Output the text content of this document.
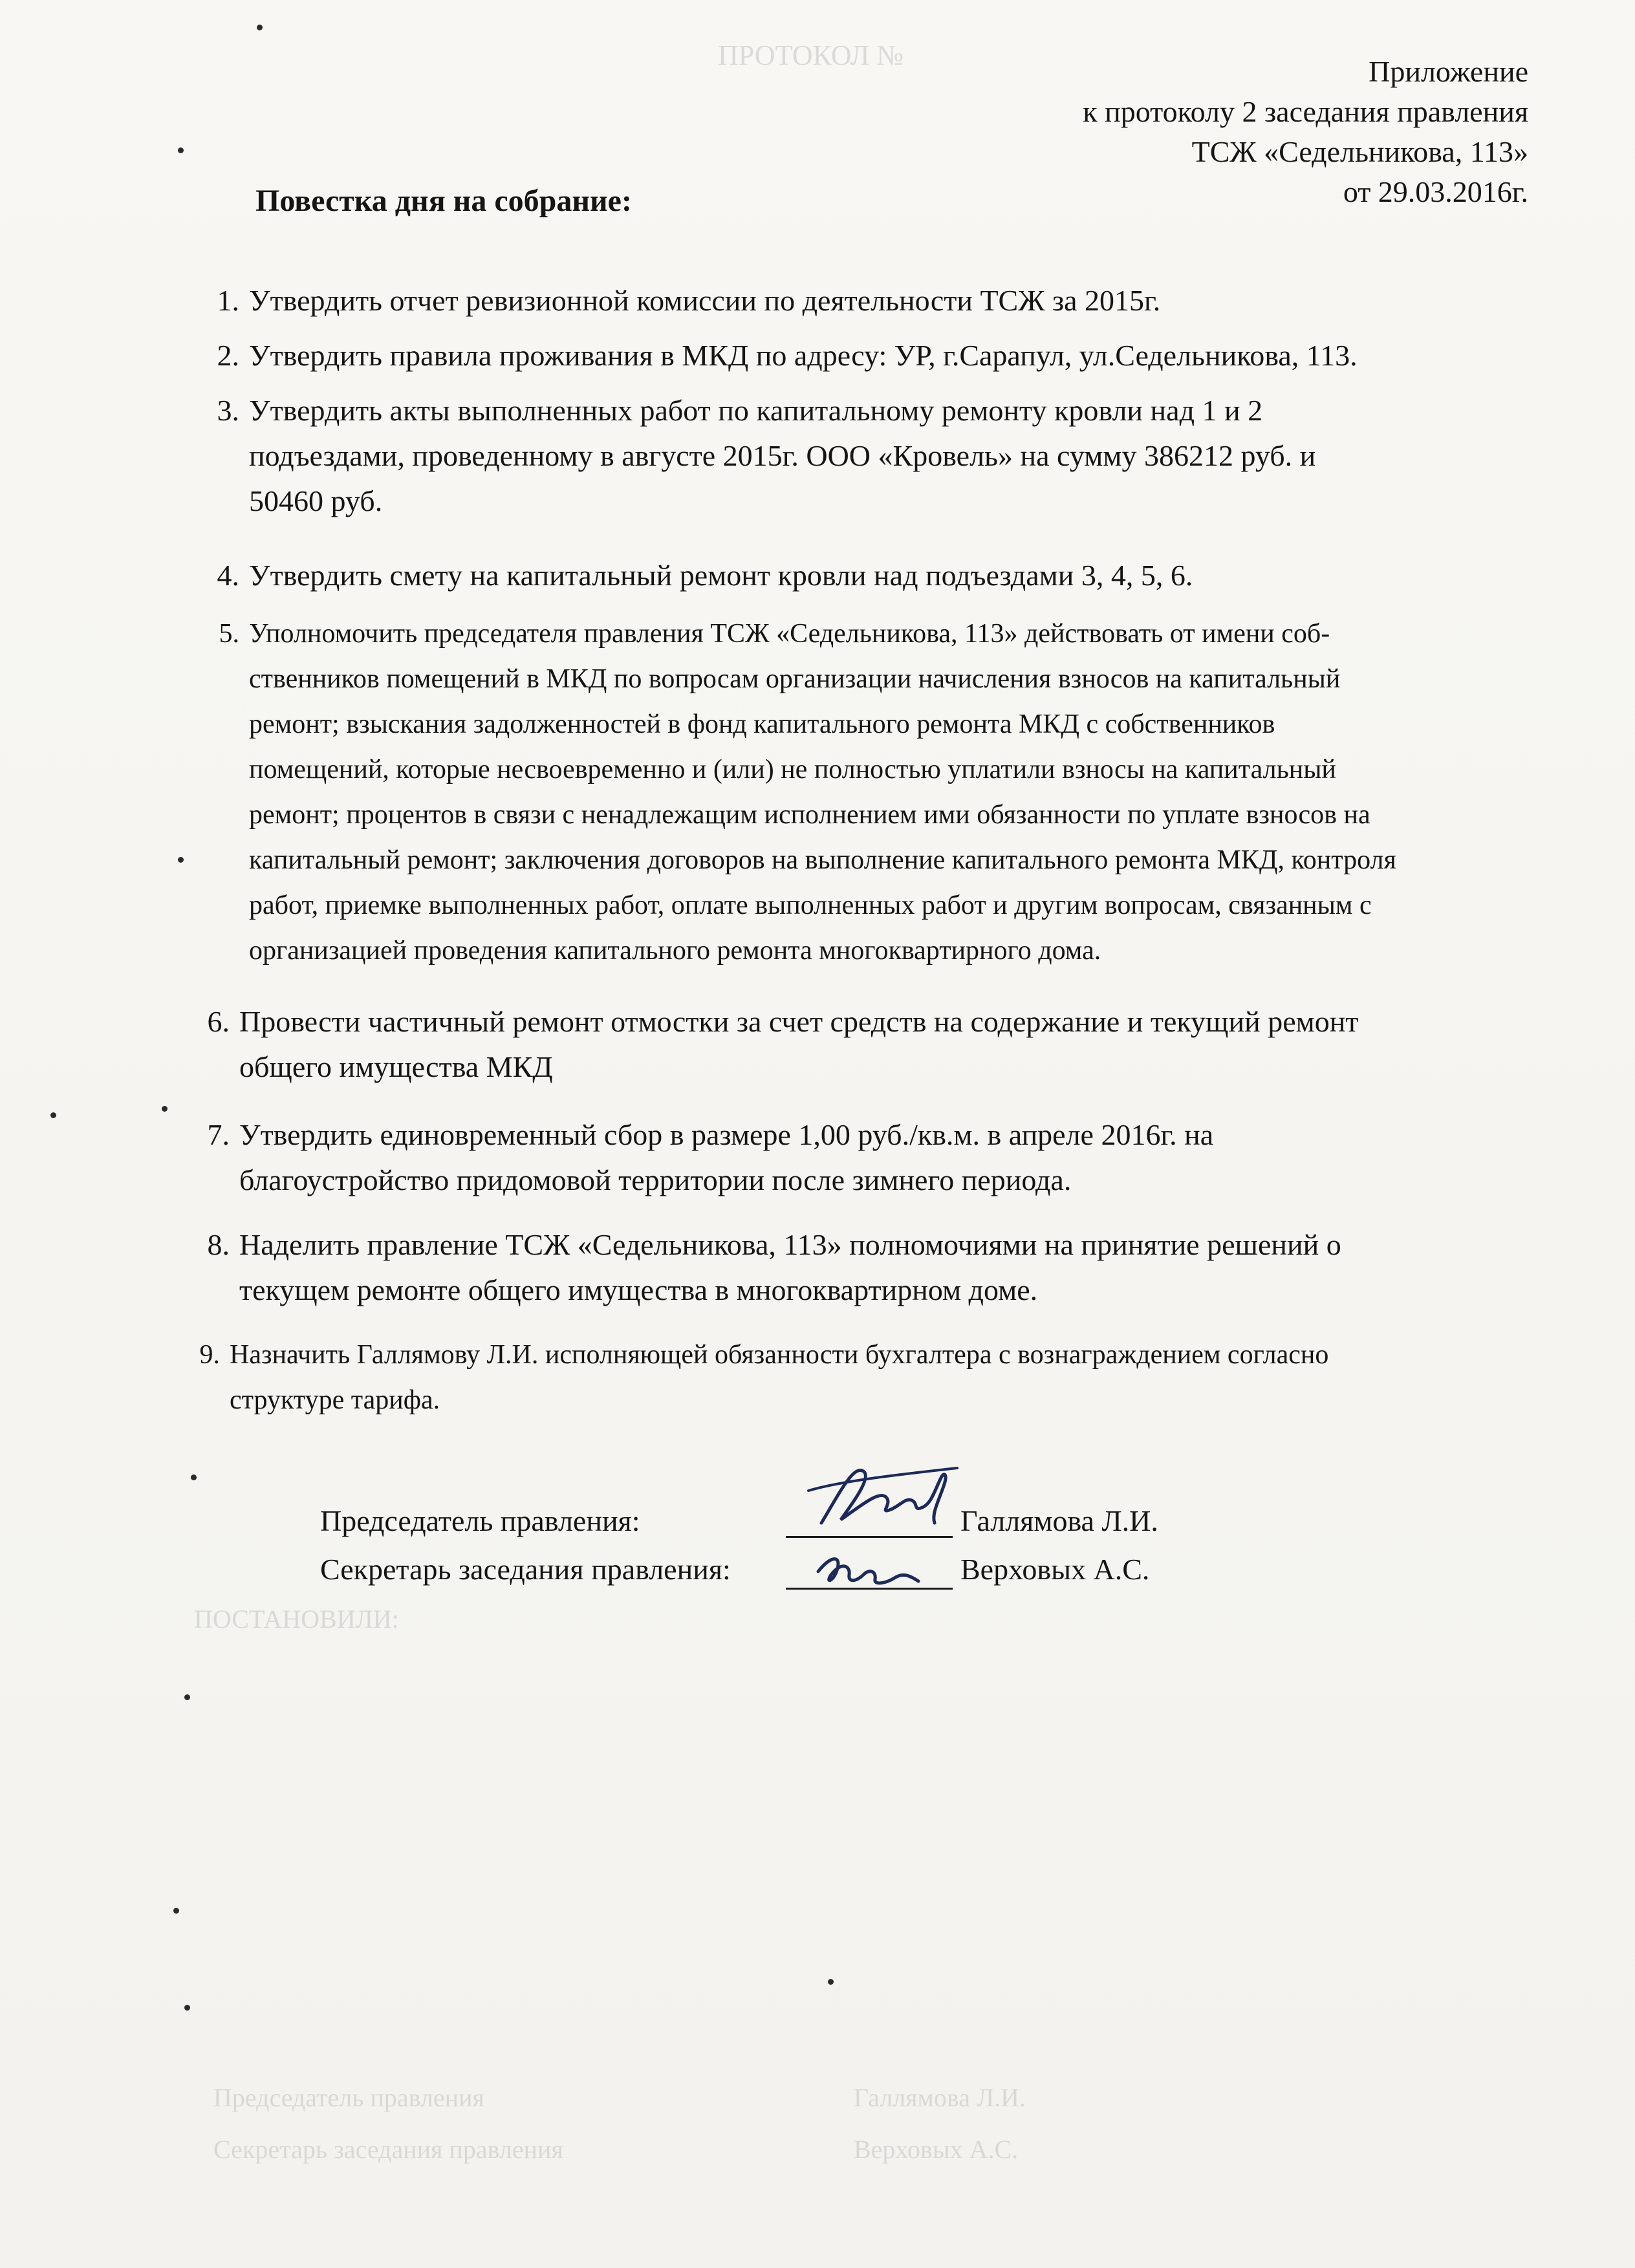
ПРОТОКОЛ №
ПОСТАНОВИЛИ:
Председатель правления
Секретарь заседания правления
Галлямова Л.И.
Верховых А.С.
Приложение
к протоколу 2 заседания правления
ТСЖ «Седельникова, 113»
от 29.03.2016г.
Повестка дня на собрание:
1. Утвердить отчет ревизионной комиссии по деятельности ТСЖ за 2015г.
2. Утвердить правила проживания в МКД по адресу: УР, г.Сарапул, ул.Седельникова, 113.
3. Утвердить акты выполненных работ по капитальному ремонту кровли над 1 и 2
подъездами, проведенному в августе 2015г. ООО «Кровель» на сумму 386212 руб. и
50460 руб.
4. Утвердить смету на капитальный ремонт кровли над подъездами 3, 4, 5, 6.
5. Уполномочить председателя правления ТСЖ «Седельникова, 113» действовать от имени соб-
ственников помещений в МКД по вопросам организации начисления взносов на капитальный
ремонт; взыскания задолженностей в фонд капитального ремонта МКД с собственников
помещений, которые несвоевременно и (или) не полностью уплатили взносы на капитальный
ремонт; процентов в связи с ненадлежащим исполнением ими обязанности по уплате взносов на
капитальный ремонт; заключения договоров на выполнение капитального ремонта МКД, контроля
работ, приемке выполненных работ, оплате выполненных работ и другим вопросам, связанным с
организацией проведения капитального ремонта многоквартирного дома.
6. Провести частичный ремонт отмостки за счет средств на содержание и текущий ремонт
общего имущества МКД
7. Утвердить единовременный сбор в размере 1,00 руб./кв.м. в апреле 2016г. на
благоустройство придомовой территории после зимнего периода.
8. Наделить правление ТСЖ «Седельникова, 113» полномочиями на принятие решений о
текущем ремонте общего имущества в многоквартирном доме.
9. Назначить Галлямову Л.И. исполняющей обязанности бухгалтера с вознаграждением согласно
структуре тарифа.
Председатель правления:	Галлямова Л.И.
Секретарь заседания правления:	Верховых А.С.
